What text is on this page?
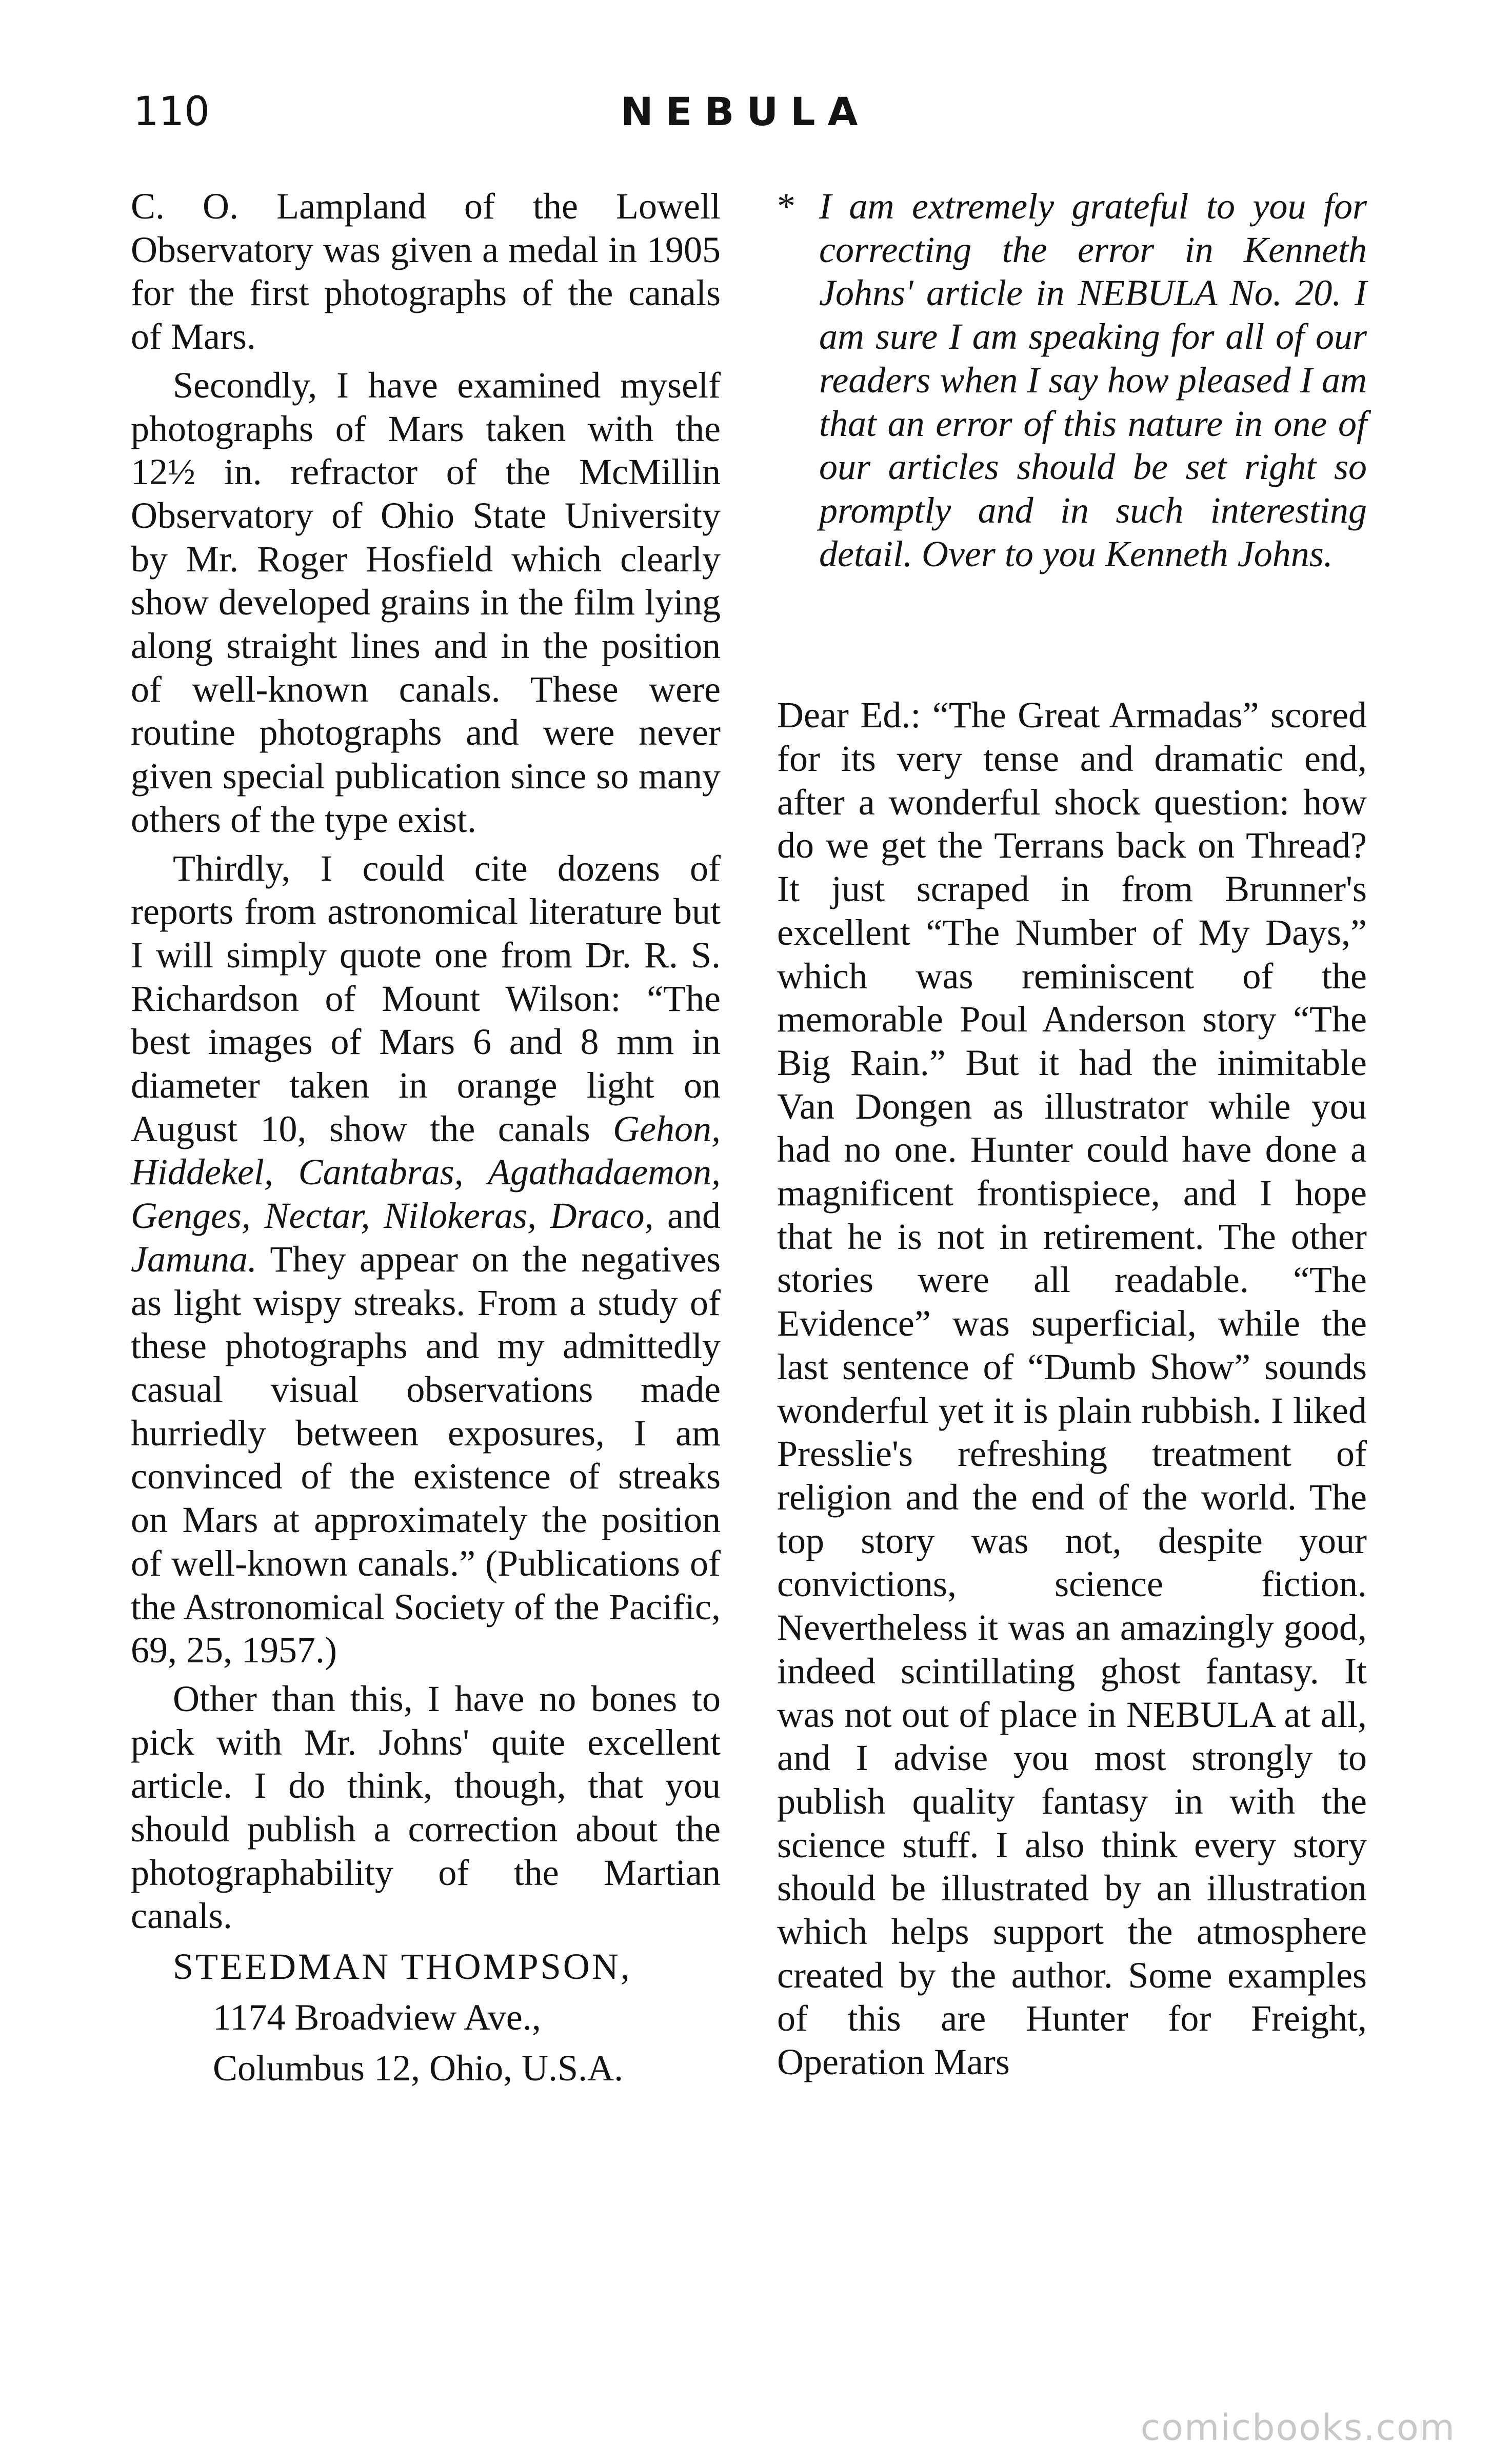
110	NEBULA

C. O. Lampland of the Lowell Observatory was given a medal in 1905 for the first photographs of the canals of Mars.

Secondly, I have examined myself photographs of Mars taken with the 12½ in. refractor of the McMillin Observatory of Ohio State University by Mr. Roger Hosfield which clearly show developed grains in the film lying along straight lines and in the position of well-known canals. These were routine photographs and were never given special publication since so many others of the type exist.

Thirdly, I could cite dozens of reports from astronomical literature but I will simply quote one from Dr. R. S. Richardson of Mount Wilson: “The best images of Mars 6 and 8 mm in diameter taken in orange light on August 10, show the canals Gehon, Hiddekel, Cantabras, Agathadaemon, Genges, Nectar, Nilokeras, Draco, and Jamuna. They appear on the negatives as light wispy streaks. From a study of these photographs and my admittedly casual visual observations made hurriedly between exposures, I am convinced of the existence of streaks on Mars at approximately the position of well-known canals.” (Publications of the Astronomical Society of the Pacific, 69, 25, 1957.)

Other than this, I have no bones to pick with Mr. Johns' quite excellent article. I do think, though, that you should publish a correction about the photographability of the Martian canals.

STEEDMAN THOMPSON,

1174 Broadview Ave.,

Columbus 12, Ohio, U.S.A.

* I am extremely grateful to you for correcting the error in Kenneth Johns' article in NEBULA No. 20. I am sure I am speaking for all of our readers when I say how pleased I am that an error of this nature in one of our articles should be set right so promptly and in such interesting detail. Over to you Kenneth Johns.

Dear Ed.: “The Great Armadas” scored for its very tense and dramatic end, after a wonderful shock question: how do we get the Terrans back on Thread? It just scraped in from Brunner's excellent “The Number of My Days,” which was reminiscent of the memorable Poul Anderson story “The Big Rain.” But it had the inimitable Van Dongen as illustrator while you had no one. Hunter could have done a magnificent frontispiece, and I hope that he is not in retirement. The other stories were all readable. “The Evidence” was superficial, while the last sentence of “Dumb Show” sounds wonderful yet it is plain rubbish. I liked Presslie's refreshing treatment of religion and the end of the world. The top story was not, despite your convictions, science fiction. Nevertheless it was an amazingly good, indeed scintillating ghost fantasy. It was not out of place in NEBULA at all, and I advise you most strongly to publish quality fantasy in with the science stuff. I also think every story should be illustrated by an illustration which helps support the atmosphere created by the author. Some examples of this are Hunter for Freight, Operation Mars

comicbooks.com
